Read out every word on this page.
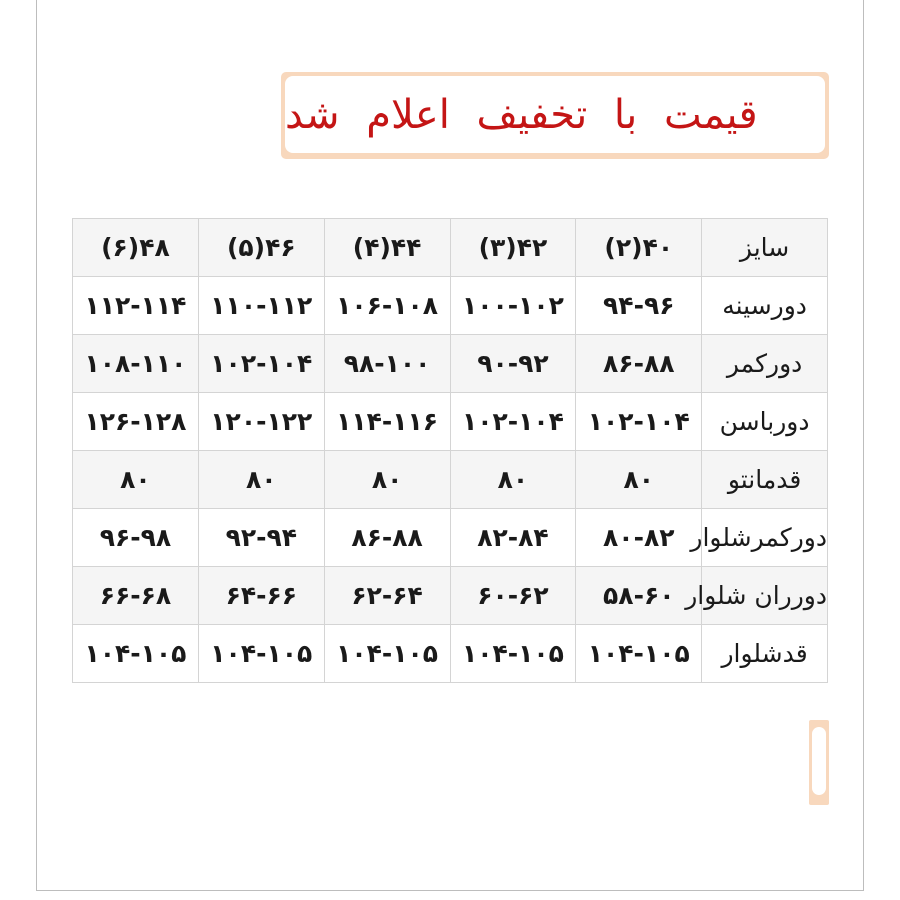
قیمت با تخفیف اعلام شد
سایز	۴۰(۲)	۴۲(۳)	۴۴(۴)	۴۶(۵)	۴۸(۶)
دورسینه	۹۴-۹۶	۱۰۰-۱۰۲	۱۰۶-۱۰۸	۱۱۰-۱۱۲	۱۱۲-۱۱۴
دورکمر	۸۶-۸۸	۹۰-۹۲	۹۸-۱۰۰	۱۰۲-۱۰۴	۱۰۸-۱۱۰
دورباسن	۱۰۲-۱۰۴	۱۰۲-۱۰۴	۱۱۴-۱۱۶	۱۲۰-۱۲۲	۱۲۶-۱۲۸
قدمانتو	۸۰	۸۰	۸۰	۸۰	۸۰
دورکمرشلوار	۸۰-۸۲	۸۲-۸۴	۸۶-۸۸	۹۲-۹۴	۹۶-۹۸
دورران شلوار	۵۸-۶۰	۶۰-۶۲	۶۲-۶۴	۶۴-۶۶	۶۶-۶۸
قدشلوار	۱۰۴-۱۰۵	۱۰۴-۱۰۵	۱۰۴-۱۰۵	۱۰۴-۱۰۵	۱۰۴-۱۰۵
